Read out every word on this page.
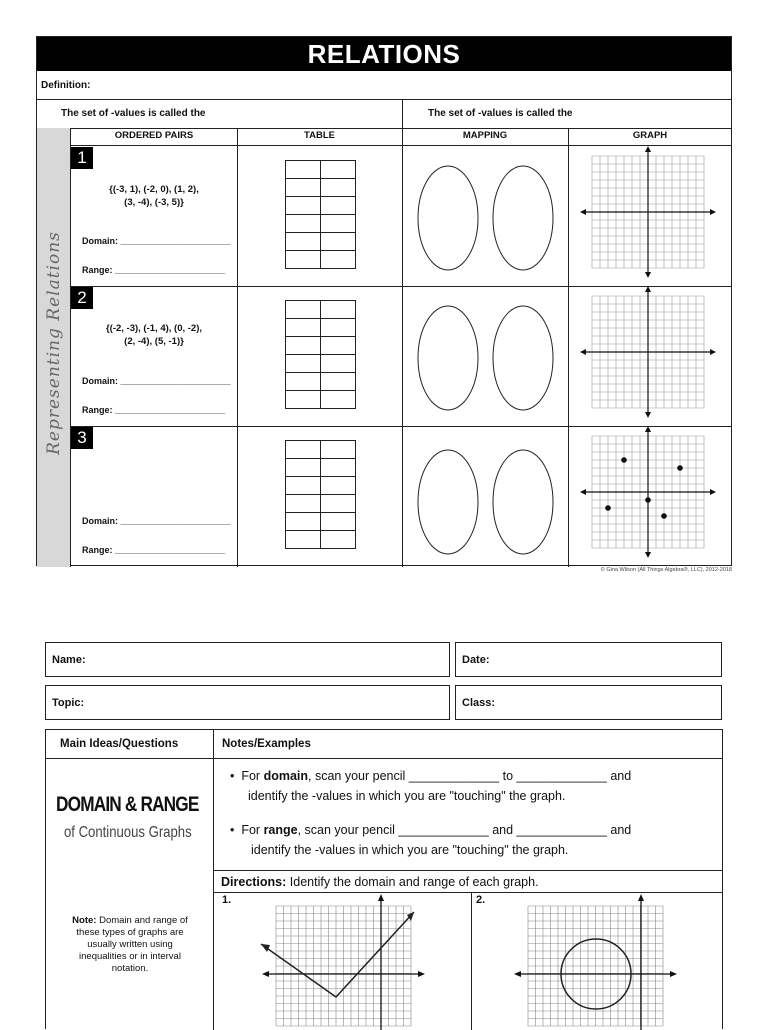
RELATIONS
Definition:
The set of -values is called the	The set of -values is called the
Representing Relations
ORDERED PAIRS	TABLE	MAPPING	GRAPH
1
{(-3, 1), (-2, 0), (1, 2),
(3, -4), (-3, 5)}
Domain: ______________________
Range: ______________________

2
{(-2, -3), (-1, 4), (0, -2),
(2, -4), (5, -1)}
Domain: ______________________
Range: ______________________

3
Domain: ______________________
Range: ______________________

© Gina Wilson (All Things Algebra®, LLC), 2012-2018
Name:	Date:
Topic:	Class:
Main Ideas/Questions	Notes/Examples
DOMAIN & RANGE
of Continuous Graphs
Note: Domain and range of these types of graphs are usually written using inequalities or in interval notation.
•  For domain, scan your pencil _____________ to _____________ and
identify the -values in which you are "touching" the graph.
•  For range, scan your pencil _____________ and _____________ and
identify the -values in which you are "touching" the graph.
Directions: Identify the domain and range of each graph.
1.	2.
